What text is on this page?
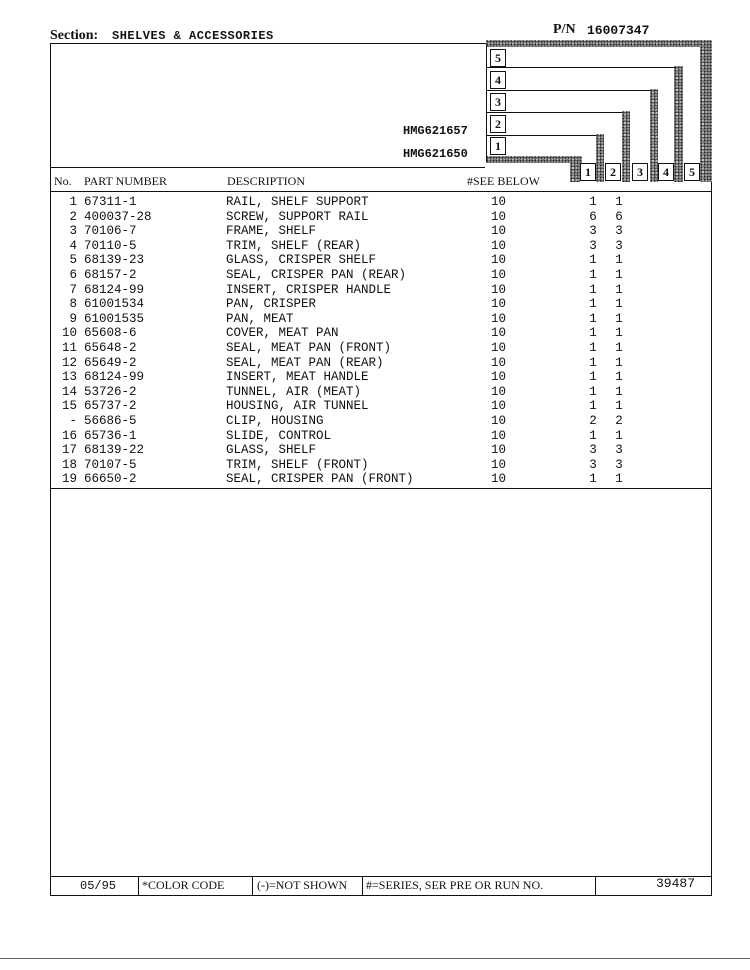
Section: SHELVES & ACCESSORIES	P/N 16007347
5
4
3
2
1
HMG621657
HMG621650
No. PART NUMBER	DESCRIPTION	#SEE BELOW
1	2	3	4	5
1 67311-1	RAIL, SHELF SUPPORT	10	1 1
2 400037-28	SCREW, SUPPORT RAIL	10	6 6
3 70106-7	FRAME, SHELF	10	3 3
4 70110-5	TRIM, SHELF (REAR)	10	3 3
5 68139-23	GLASS, CRISPER SHELF	10	1 1
6 68157-2	SEAL, CRISPER PAN (REAR)	10	1 1
7 68124-99	INSERT, CRISPER HANDLE	10	1 1
8 61001534	PAN, CRISPER	10	1 1
9 61001535	PAN, MEAT	10	1 1
10 65608-6	COVER, MEAT PAN	10	1 1
11 65648-2	SEAL, MEAT PAN (FRONT)	10	1 1
12 65649-2	SEAL, MEAT PAN (REAR)	10	1 1
13 68124-99	INSERT, MEAT HANDLE	10	1 1
14 53726-2	TUNNEL, AIR (MEAT)	10	1 1
15 65737-2	HOUSING, AIR TUNNEL	10	1 1
- 56686-5	CLIP, HOUSING	10	2 2
16 65736-1	SLIDE, CONTROL	10	1 1
17 68139-22	GLASS, SHELF	10	3 3
18 70107-5	TRIM, SHELF (FRONT)	10	3 3
19 66650-2	SEAL, CRISPER PAN (FRONT)	10	1 1
05/95 *COLOR CODE	(-)=NOT SHOWN #=SERIES, SER PRE OR RUN NO.	39487
